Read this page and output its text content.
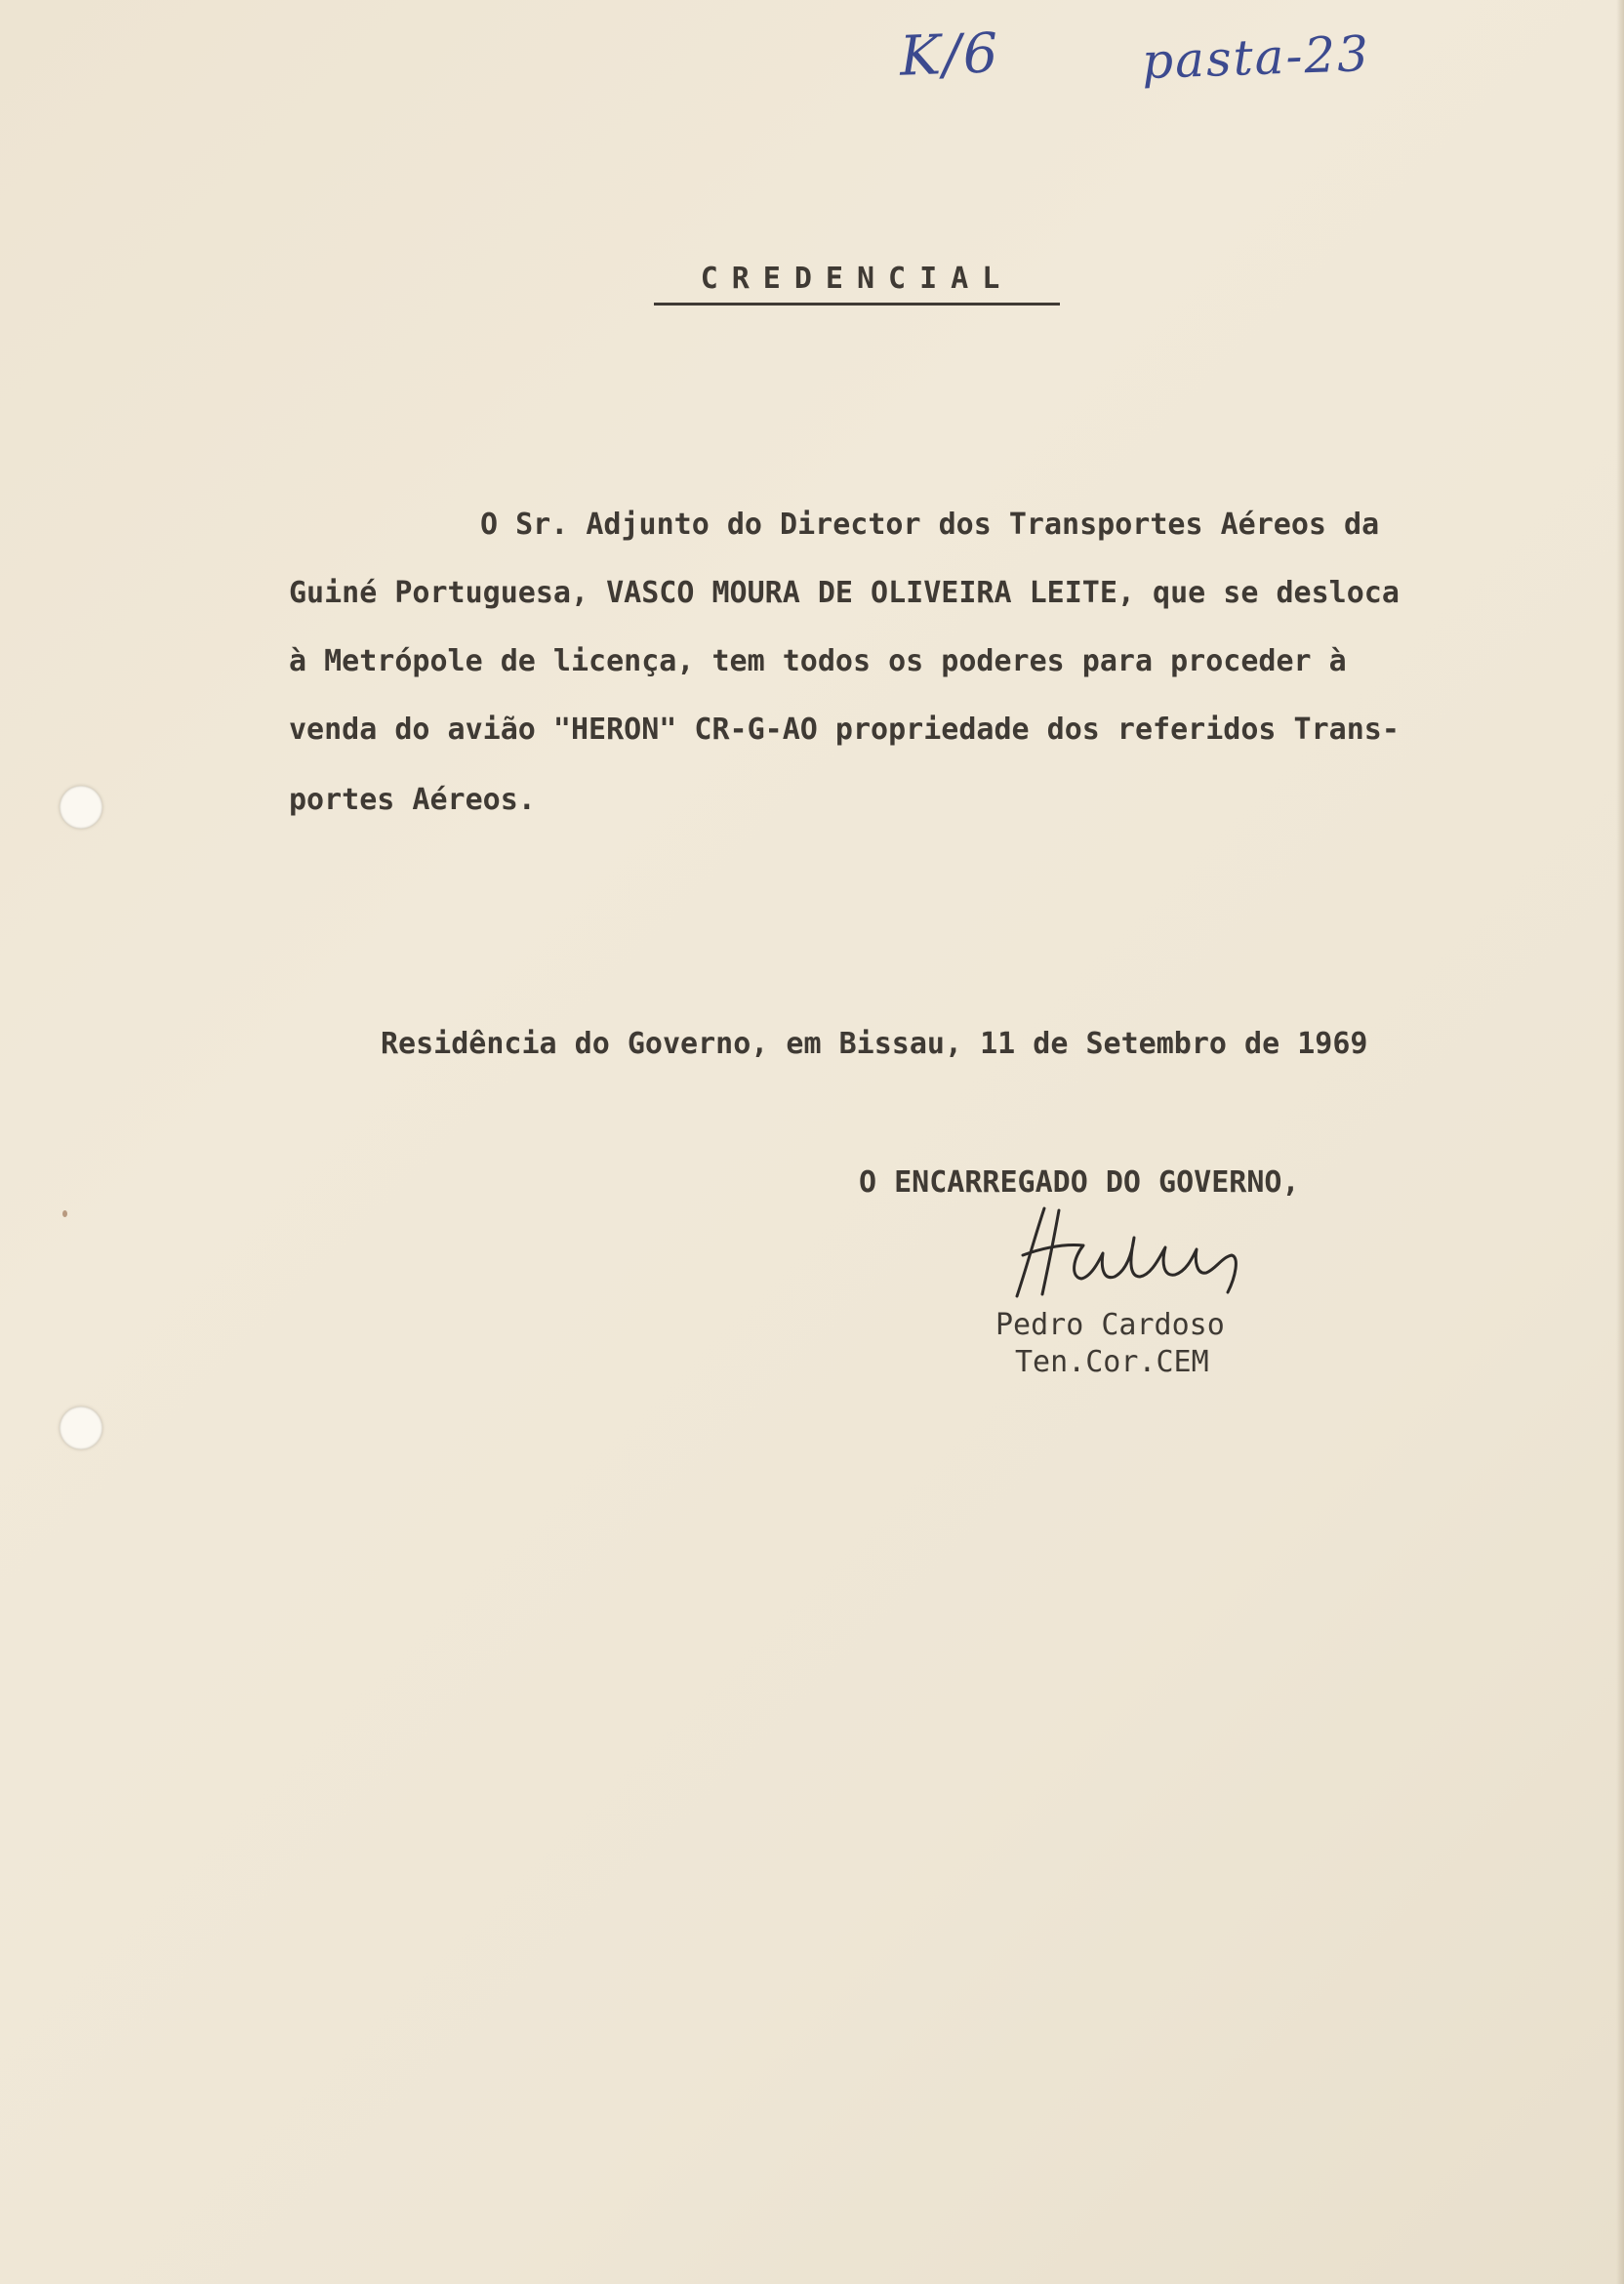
K/6	pasta-23
CREDENCIAL
O Sr. Adjunto do Director dos Transportes Aéreos da
Guiné Portuguesa, VASCO MOURA DE OLIVEIRA LEITE, que se desloca
à Metrópole de licença, tem todos os poderes para proceder à
venda do avião "HERON" CR-G-AO propriedade dos referidos Trans-
portes Aéreos.
Residência do Governo, em Bissau, 11 de Setembro de 1969
O ENCARREGADO DO GOVERNO,
Pedro Cardoso
Ten.Cor.CEM
